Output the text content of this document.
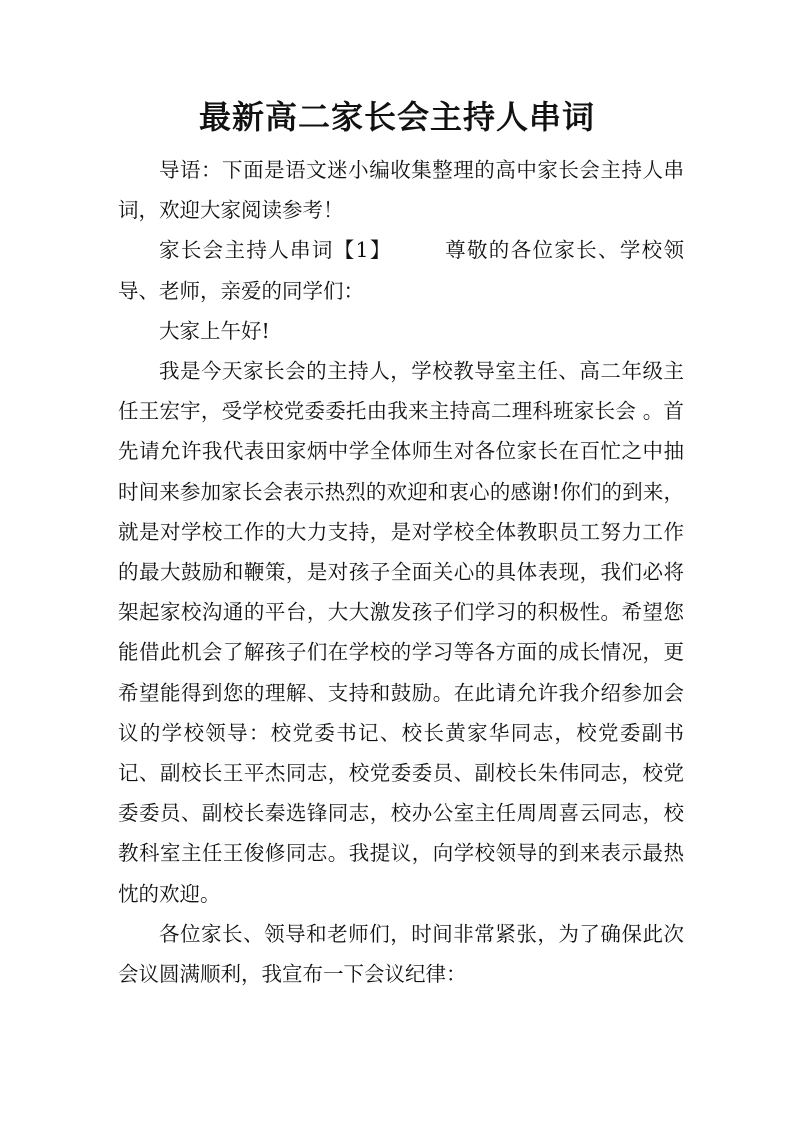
最新高二家长会主持人串词

导语：下面是语文迷小编收集整理的高中家长会主持人串词，欢迎大家阅读参考！

家长会主持人串词【1】	尊敬的各位家长、学校领导、老师，亲爱的同学们：

大家上午好!

我是今天家长会的主持人，学校教导室主任、高二年级主任王宏宇，受学校党委委托由我来主持高二理科班家长会 。首先请允许我代表田家炳中学全体师生对各位家长在百忙之中抽时间来参加家长会表示热烈的欢迎和衷心的感谢!你们的到来，就是对学校工作的大力支持，是对学校全体教职员工努力工作的最大鼓励和鞭策，是对孩子全面关心的具体表现，我们必将架起家校沟通的平台，大大激发孩子们学习的积极性。希望您能借此机会了解孩子们在学校的学习等各方面的成长情况，更希望能得到您的理解、支持和鼓励。在此请允许我介绍参加会议的学校领导：校党委书记、校长黄家华同志，校党委副书记、副校长王平杰同志，校党委委员、副校长朱伟同志，校党委委员、副校长秦选锋同志，校办公室主任周周喜云同志，校教科室主任王俊修同志。我提议，向学校领导的到来表示最热忱的欢迎。

各位家长、领导和老师们，时间非常紧张，为了确保此次会议圆满顺利，我宣布一下会议纪律：
